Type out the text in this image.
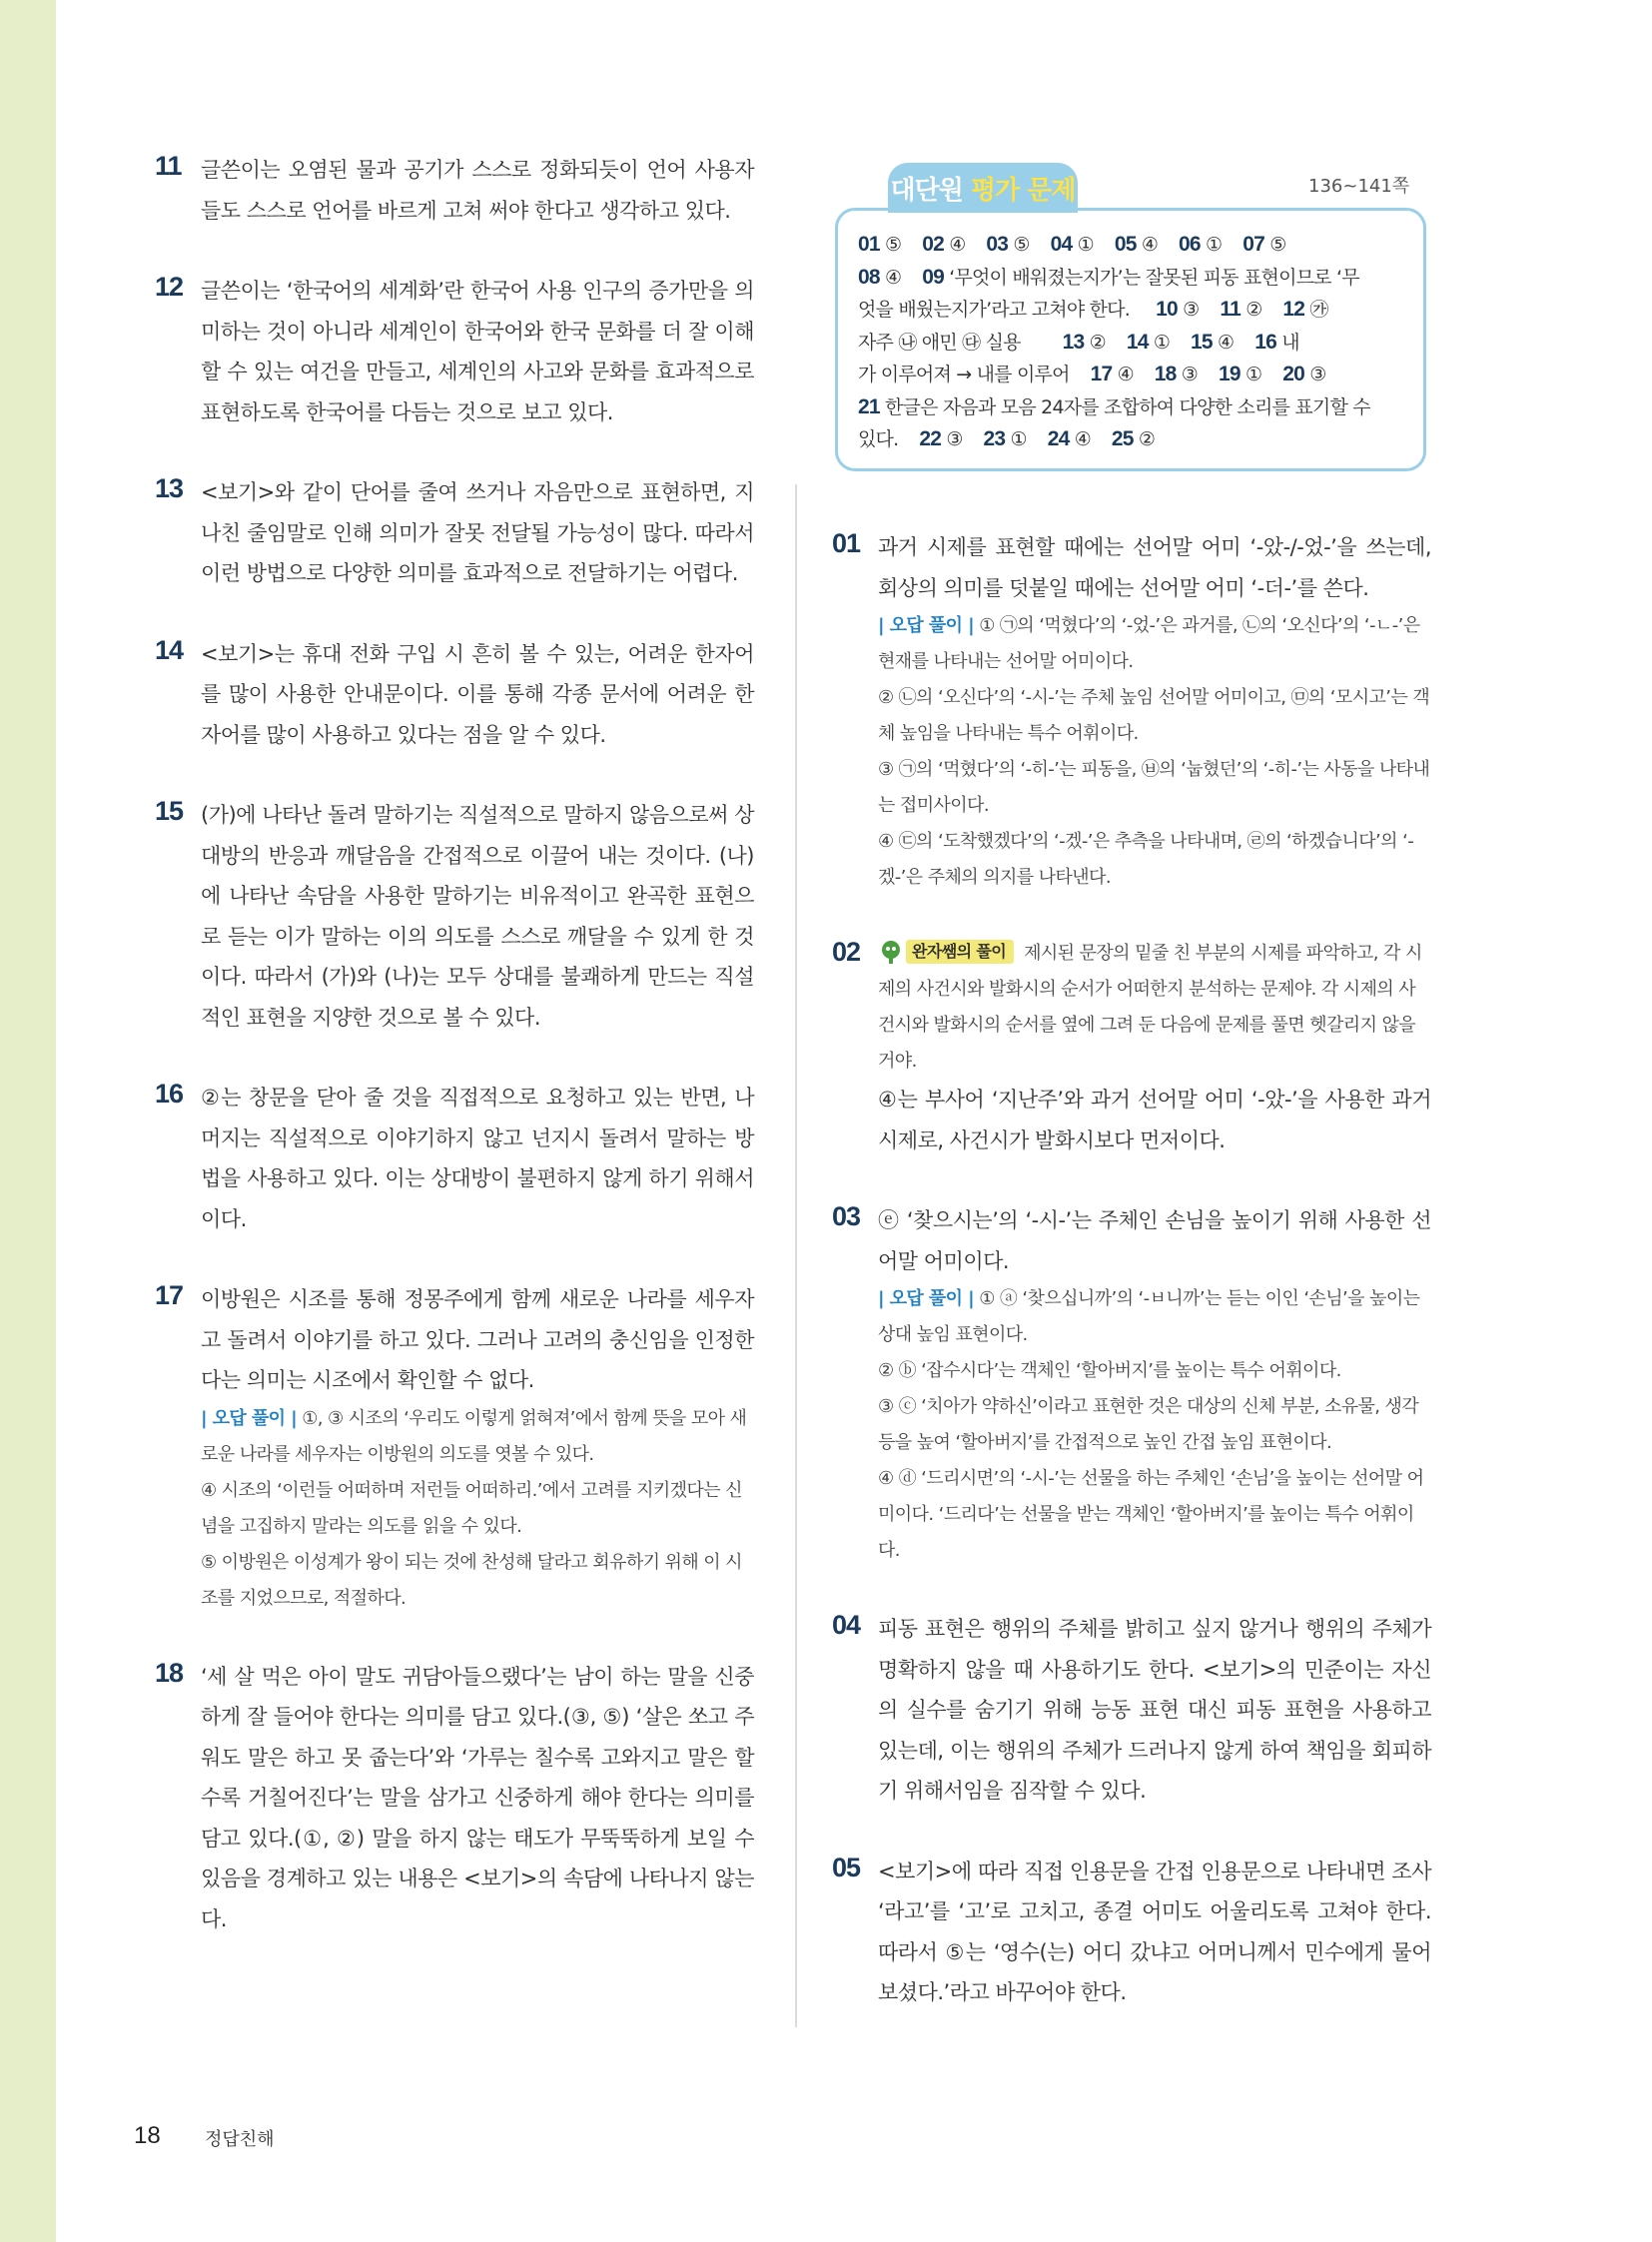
대단원 평가 문제	136~141쪽

01 ⑤    02 ④    03 ⑤    04 ①    05 ④    06 ①    07 ⑤

08 ④    09 ‘무엇이 배워졌는지가’는 잘못된 피동 표현이므로 ‘무

엇을 배웠는지가’라고 고쳐야 한다.     10 ③    11 ②    12 ㉮

자주 ㉯ 애민 ㉰ 실용        13 ②    14 ①    15 ④    16 내

가 이루어져 → 내를 이루어    17 ④    18 ③    19 ①    20 ③

21 한글은 자음과 모음 24자를 조합하여 다양한 소리를 표기할 수

있다.    22 ③    23 ①    24 ④    25 ②

11 글쓴이는 오염된 물과 공기가 스스로 정화되듯이 언어 사용자들도 스스로 언어를 바르게 고쳐 써야 한다고 생각하고 있다.
12 글쓴이는 ‘한국어의 세계화’란 한국어 사용 인구의 증가만을 의미하는 것이 아니라 세계인이 한국어와 한국 문화를 더 잘 이해할 수 있는 여건을 만들고, 세계인의 사고와 문화를 효과적으로 표현하도록 한국어를 다듬는 것으로 보고 있다.
13 <보기>와 같이 단어를 줄여 쓰거나 자음만으로 표현하면, 지나친 줄임말로 인해 의미가 잘못 전달될 가능성이 많다. 따라서 이런 방법으로 다양한 의미를 효과적으로 전달하기는 어렵다.
14 <보기>는 휴대 전화 구입 시 흔히 볼 수 있는, 어려운 한자어를 많이 사용한 안내문이다. 이를 통해 각종 문서에 어려운 한자어를 많이 사용하고 있다는 점을 알 수 있다.
15 (가)에 나타난 돌려 말하기는 직설적으로 말하지 않음으로써 상대방의 반응과 깨달음을 간접적으로 이끌어 내는 것이다. (나)에 나타난 속담을 사용한 말하기는 비유적이고 완곡한 표현으로 듣는 이가 말하는 이의 의도를 스스로 깨달을 수 있게 한 것이다. 따라서 (가)와 (나)는 모두 상대를 불쾌하게 만드는 직설적인 표현을 지양한 것으로 볼 수 있다.
16 ②는 창문을 닫아 줄 것을 직접적으로 요청하고 있는 반면, 나머지는 직설적으로 이야기하지 않고 넌지시 돌려서 말하는 방법을 사용하고 있다. 이는 상대방이 불편하지 않게 하기 위해서이다.
17 이방원은 시조를 통해 정몽주에게 함께 새로운 나라를 세우자고 돌려서 이야기를 하고 있다. 그러나 고려의 충신임을 인정한다는 의미는 시조에서 확인할 수 없다.

| 오답 풀이 | ①, ③ 시조의 ‘우리도 이렇게 얽혀져’에서 함께 뜻을 모아 새로운 나라를 세우자는 이방원의 의도를 엿볼 수 있다.

④ 시조의 ‘이런들 어떠하며 저런들 어떠하리.’에서 고려를 지키겠다는 신념을 고집하지 말라는 의도를 읽을 수 있다.

⑤ 이방원은 이성계가 왕이 되는 것에 찬성해 달라고 회유하기 위해 이 시조를 지었으므로, 적절하다.

18 ‘세 살 먹은 아이 말도 귀담아들으랬다’는 남이 하는 말을 신중하게 잘 들어야 한다는 의미를 담고 있다.(③, ⑤) ‘살은 쏘고 주워도 말은 하고 못 줍는다’와 ‘가루는 칠수록 고와지고 말은 할수록 거칠어진다’는 말을 삼가고 신중하게 해야 한다는 의미를 담고 있다.(①, ②) 말을 하지 않는 태도가 무뚝뚝하게 보일 수 있음을 경계하고 있는 내용은 <보기>의 속담에 나타나지 않는다.
01 과거 시제를 표현할 때에는 선어말 어미 ‘-았-/-었-’을 쓰는데, 회상의 의미를 덧붙일 때에는 선어말 어미 ‘-더-’를 쓴다.

| 오답 풀이 | ① ㉠의 ‘먹혔다’의 ‘-었-’은 과거를, ㉡의 ‘오신다’의 ‘-ㄴ-’은 현재를 나타내는 선어말 어미이다.

② ㉡의 ‘오신다’의 ‘-시-’는 주체 높임 선어말 어미이고, ㉤의 ‘모시고’는 객체 높임을 나타내는 특수 어휘이다.

③ ㉠의 ‘먹혔다’의 ‘-히-’는 피동을, ㉥의 ‘눕혔던’의 ‘-히-’는 사동을 나타내는 접미사이다.

④ ㉢의 ‘도착했겠다’의 ‘-겠-’은 추측을 나타내며, ㉣의 ‘하겠습니다’의 ‘-겠-’은 주체의 의지를 나타낸다.

02	완자쌤의 풀이 제시된 문장의 밑줄 친 부분의 시제를 파악하고, 각 시제의 사건시와 발화시의 순서가 어떠한지 분석하는 문제야. 각 시제의 사건시와 발화시의 순서를 옆에 그려 둔 다음에 문제를 풀면 헷갈리지 않을 거야.
④는 부사어 ‘지난주’와 과거 선어말 어미 ‘-았-’을 사용한 과거 시제로, 사건시가 발화시보다 먼저이다.
03 ⓔ ‘찾으시는’의 ‘-시-’는 주체인 손님을 높이기 위해 사용한 선어말 어미이다.

| 오답 풀이 | ① ⓐ ‘찾으십니까’의 ‘-ㅂ니까’는 듣는 이인 ‘손님’을 높이는 상대 높임 표현이다.

② ⓑ ‘잡수시다’는 객체인 ‘할아버지’를 높이는 특수 어휘이다.

③ ⓒ ‘치아가 약하신’이라고 표현한 것은 대상의 신체 부분, 소유물, 생각 등을 높여 ‘할아버지’를 간접적으로 높인 간접 높임 표현이다.

④ ⓓ ‘드리시면’의 ‘-시-’는 선물을 하는 주체인 ‘손님’을 높이는 선어말 어미이다. ‘드리다’는 선물을 받는 객체인 ‘할아버지’를 높이는 특수 어휘이다.

04 피동 표현은 행위의 주체를 밝히고 싶지 않거나 행위의 주체가 명확하지 않을 때 사용하기도 한다. <보기>의 민준이는 자신의 실수를 숨기기 위해 능동 표현 대신 피동 표현을 사용하고 있는데, 이는 행위의 주체가 드러나지 않게 하여 책임을 회피하기 위해서임을 짐작할 수 있다.
05 <보기>에 따라 직접 인용문을 간접 인용문으로 나타내면 조사 ‘라고’를 ‘고’로 고치고, 종결 어미도 어울리도록 고쳐야 한다. 따라서 ⑤는 ‘영수(는) 어디 갔냐고 어머니께서 민수에게 물어보셨다.’라고 바꾸어야 한다.
18 정답친해
